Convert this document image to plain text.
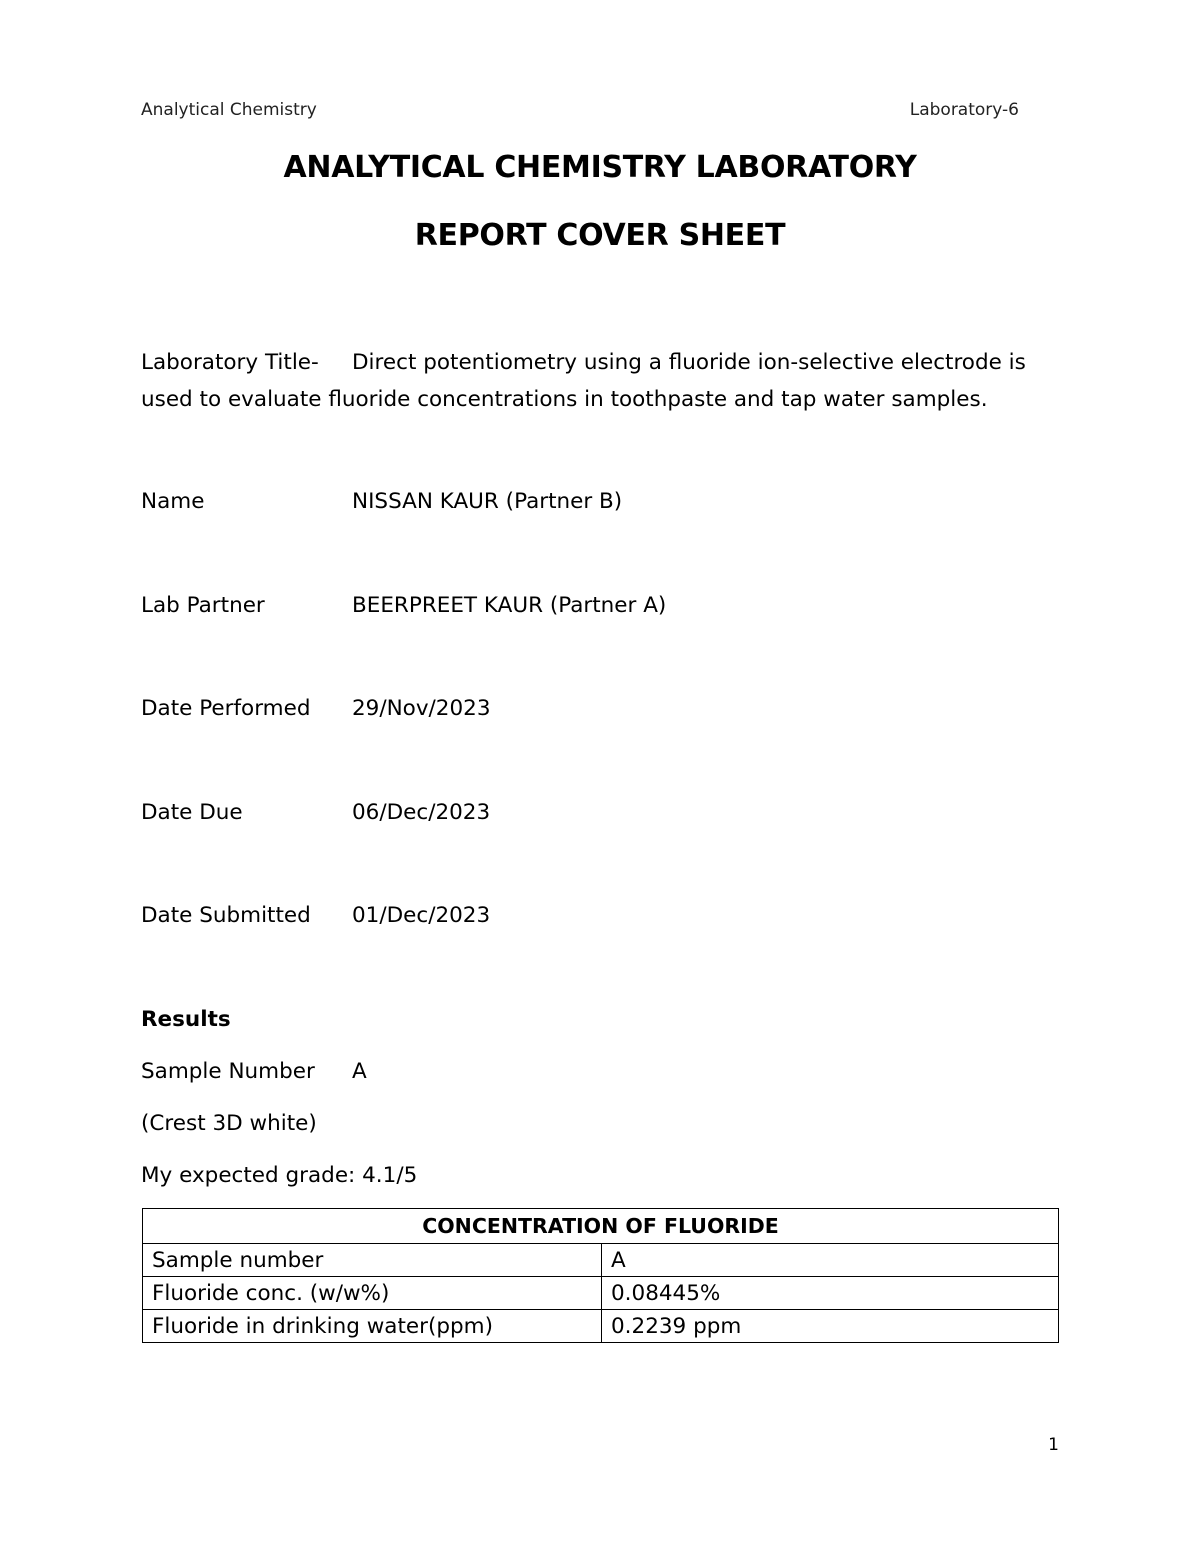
Analytical Chemistry	Laboratory-6
ANALYTICAL CHEMISTRY LABORATORY
REPORT COVER SHEET
Laboratory Title- Direct potentiometry using a fluoride ion-selective electrode is used to evaluate fluoride concentrations in toothpaste and tap water samples.
Name	NISSAN KAUR (Partner B)
Lab Partner	BEERPREET KAUR (Partner A)
Date Performed 29/Nov/2023
Date Due	06/Dec/2023
Date Submitted 01/Dec/2023
Results
Sample Number A
(Crest 3D white)
My expected grade: 4.1/5
CONCENTRATION OF FLUORIDE	
Sample number	A
Fluoride conc. (w/w%)	0.08445%
Fluoride in drinking water(ppm)	0.2239 ppm
1
